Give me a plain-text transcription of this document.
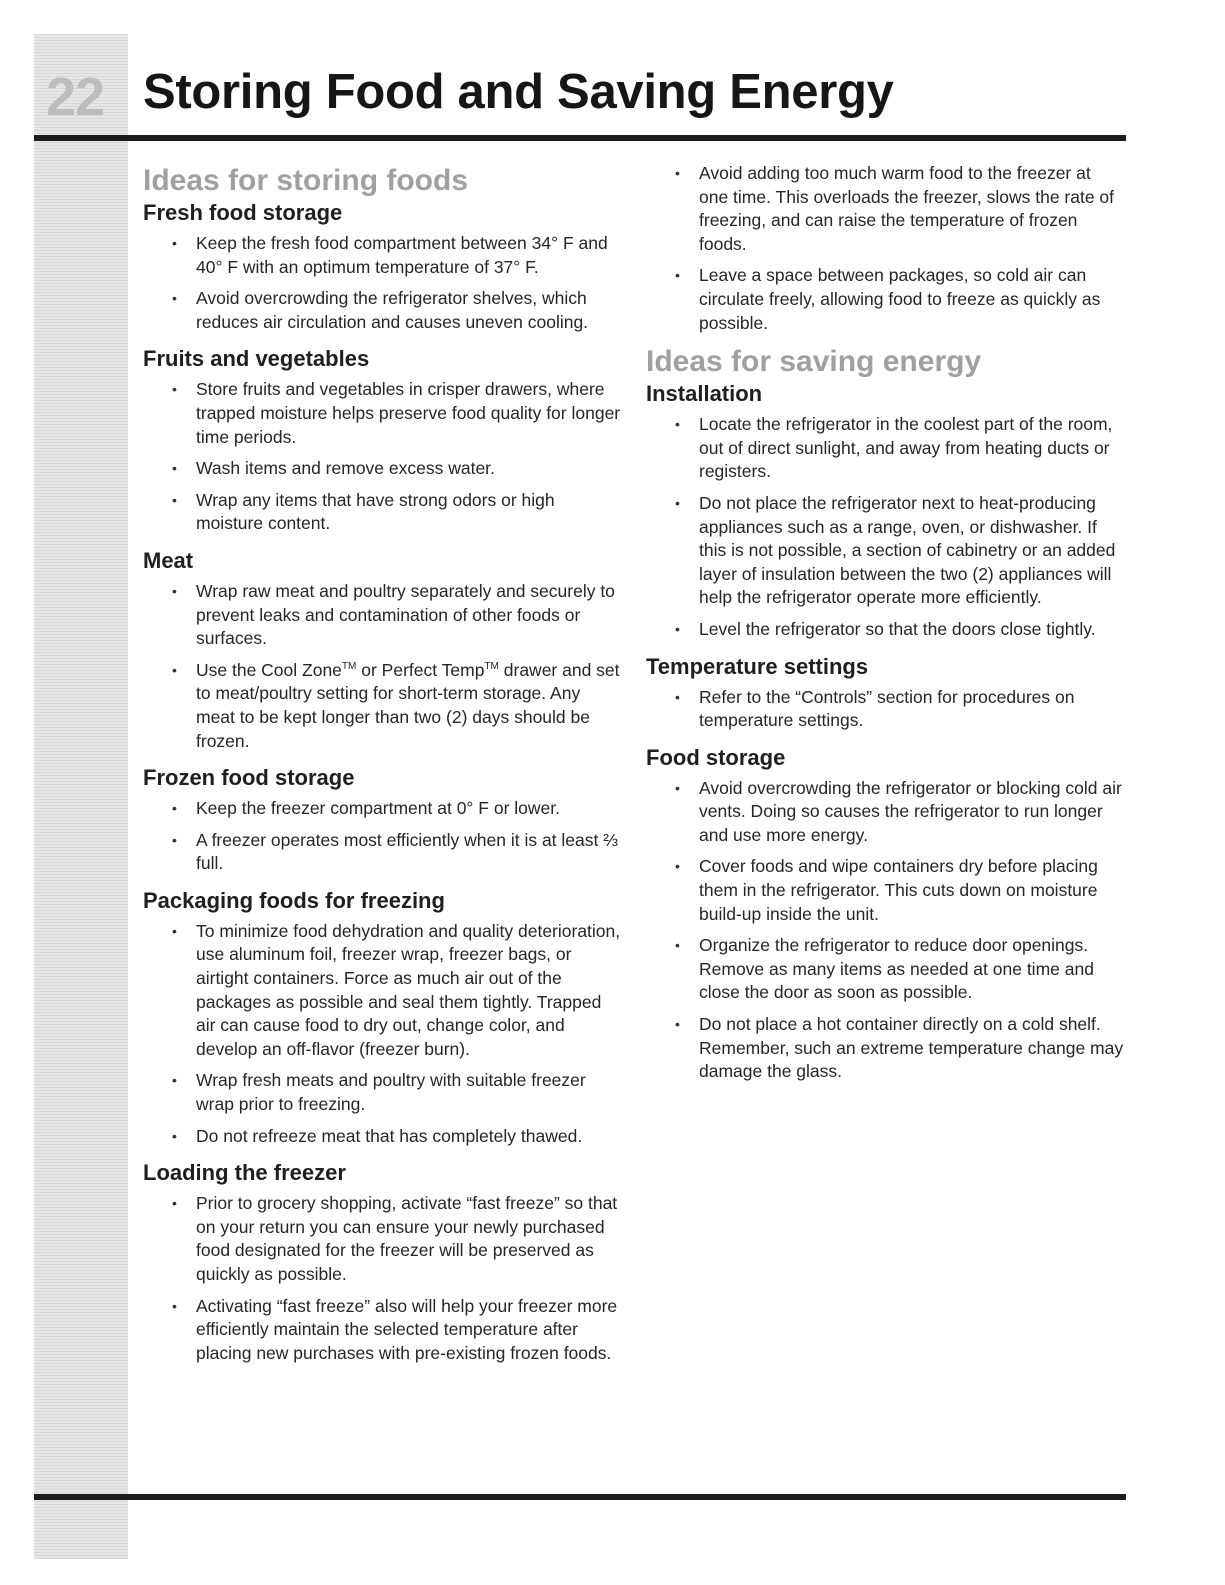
22 Storing Food and Saving Energy
Ideas for storing foods
Fresh food storage
• Keep the fresh food compartment between 34° F and 40° F with an optimum temperature of 37° F.
• Avoid overcrowding the refrigerator shelves, which reduces air circulation and causes uneven cooling.
Fruits and vegetables
• Store fruits and vegetables in crisper drawers, where trapped moisture helps preserve food quality for longer time periods.
• Wash items and remove excess water.
• Wrap any items that have strong odors or high moisture content.
Meat
• Wrap raw meat and poultry separately and securely to prevent leaks and contamination of other foods or surfaces.
• Use the Cool Zone™ or Perfect Temp™ drawer and set to meat/poultry setting for short-term storage. Any meat to be kept longer than two (2) days should be frozen.
Frozen food storage
• Keep the freezer compartment at 0° F or lower.
• A freezer operates most efficiently when it is at least ⅔ full.
Packaging foods for freezing
• To minimize food dehydration and quality deterioration, use aluminum foil, freezer wrap, freezer bags, or airtight containers. Force as much air out of the packages as possible and seal them tightly. Trapped air can cause food to dry out, change color, and develop an off-flavor (freezer burn).
• Wrap fresh meats and poultry with suitable freezer wrap prior to freezing.
• Do not refreeze meat that has completely thawed.
Loading the freezer
• Prior to grocery shopping, activate “fast freeze” so that on your return you can ensure your newly purchased food designated for the freezer will be preserved as quickly as possible.
• Activating “fast freeze” also will help your freezer more efficiently maintain the selected temperature after placing new purchases with pre-existing frozen foods.
• Avoid adding too much warm food to the freezer at one time. This overloads the freezer, slows the rate of freezing, and can raise the temperature of frozen foods.
• Leave a space between packages, so cold air can circulate freely, allowing food to freeze as quickly as possible.
Ideas for saving energy
Installation
• Locate the refrigerator in the coolest part of the room, out of direct sunlight, and away from heating ducts or registers.
• Do not place the refrigerator next to heat-producing appliances such as a range, oven, or dishwasher. If this is not possible, a section of cabinetry or an added layer of insulation between the two (2) appliances will help the refrigerator operate more efficiently.
• Level the refrigerator so that the doors close tightly.
Temperature settings
• Refer to the “Controls” section for procedures on temperature settings.
Food storage
• Avoid overcrowding the refrigerator or blocking cold air vents. Doing so causes the refrigerator to run longer and use more energy.
• Cover foods and wipe containers dry before placing them in the refrigerator. This cuts down on moisture build-up inside the unit.
• Organize the refrigerator to reduce door openings. Remove as many items as needed at one time and close the door as soon as possible.
• Do not place a hot container directly on a cold shelf. Remember, such an extreme temperature change may damage the glass.
